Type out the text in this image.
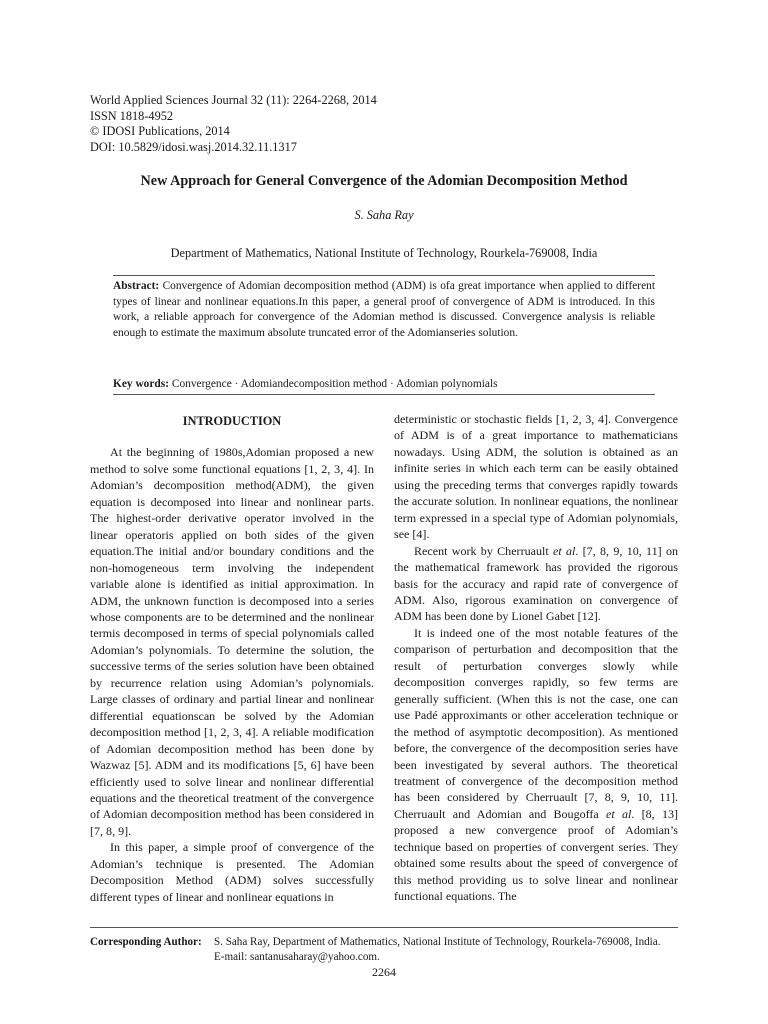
World Applied Sciences Journal 32 (11): 2264-2268, 2014
ISSN 1818-4952
© IDOSI Publications, 2014
DOI: 10.5829/idosi.wasj.2014.32.11.1317
New Approach for General Convergence of the Adomian Decomposition Method
S. Saha Ray
Department of Mathematics, National Institute of Technology, Rourkela-769008, India
Abstract: Convergence of Adomian decomposition method (ADM) is ofa great importance when applied to different types of linear and nonlinear equations.In this paper, a general proof of convergence of ADM is introduced. In this work, a reliable approach for convergence of the Adomian method is discussed. Convergence analysis is reliable enough to estimate the maximum absolute truncated error of the Adomianseries solution.
Key words: Convergence · Adomiandecomposition method · Adomian polynomials

INTRODUCTION

At the beginning of 1980s,Adomian proposed a new method to solve some functional equations [1, 2, 3, 4]. In Adomian’s decomposition method(ADM), the given equation is decomposed into linear and nonlinear parts. The highest-order derivative operator involved in the linear operatoris applied on both sides of the given equation.The initial and/or boundary conditions and the non-homogeneous term involving the independent variable alone is identified as initial approximation. In ADM, the unknown function is decomposed into a series whose components are to be determined and the nonlinear termis decomposed in terms of special polynomials called Adomian’s polynomials. To determine the solution, the successive terms of the series solution have been obtained by recurrence relation using Adomian’s polynomials. Large classes of ordinary and partial linear and nonlinear differential equationscan be solved by the Adomian decomposition method [1, 2, 3, 4]. A reliable modification of Adomian decomposition method has been done by Wazwaz [5]. ADM and its modifications [5, 6] have been efficiently used to solve linear and nonlinear differential equations and the theoretical treatment of the convergence of Adomian decomposition method has been considered in [7, 8, 9].

In this paper, a simple proof of convergence of the Adomian’s technique is presented. The Adomian Decomposition Method (ADM) solves successfully different types of linear and nonlinear equations in

deterministic or stochastic fields [1, 2, 3, 4]. Convergence of ADM is of a great importance to mathematicians nowadays. Using ADM, the solution is obtained as an infinite series in which each term can be easily obtained using the preceding terms that converges rapidly towards the accurate solution. In nonlinear equations, the nonlinear term expressed in a special type of Adomian polynomials, see [4].

Recent work by Cherruault et al. [7, 8, 9, 10, 11] on the mathematical framework has provided the rigorous basis for the accuracy and rapid rate of convergence of ADM. Also, rigorous examination on convergence of ADM has been done by Lionel Gabet [12].

It is indeed one of the most notable features of the comparison of perturbation and decomposition that the result of perturbation converges slowly while decomposition converges rapidly, so few terms are generally sufficient. (When this is not the case, one can use Padé approximants or other acceleration technique or the method of asymptotic decomposition). As mentioned before, the convergence of the decomposition series have been investigated by several authors. The theoretical treatment of convergence of the decomposition method has been considered by Cherruault [7, 8, 9, 10, 11]. Cherruault and Adomian and Bougoffa et al. [8, 13] proposed a new convergence proof of Adomian’s technique based on properties of convergent series. They obtained some results about the speed of convergence of this method providing us to solve linear and nonlinear functional equations. The

Corresponding Author: S. Saha Ray, Department of Mathematics, National Institute of Technology, Rourkela-769008, India.
E-mail: santanusaharay@yahoo.com.
2264
